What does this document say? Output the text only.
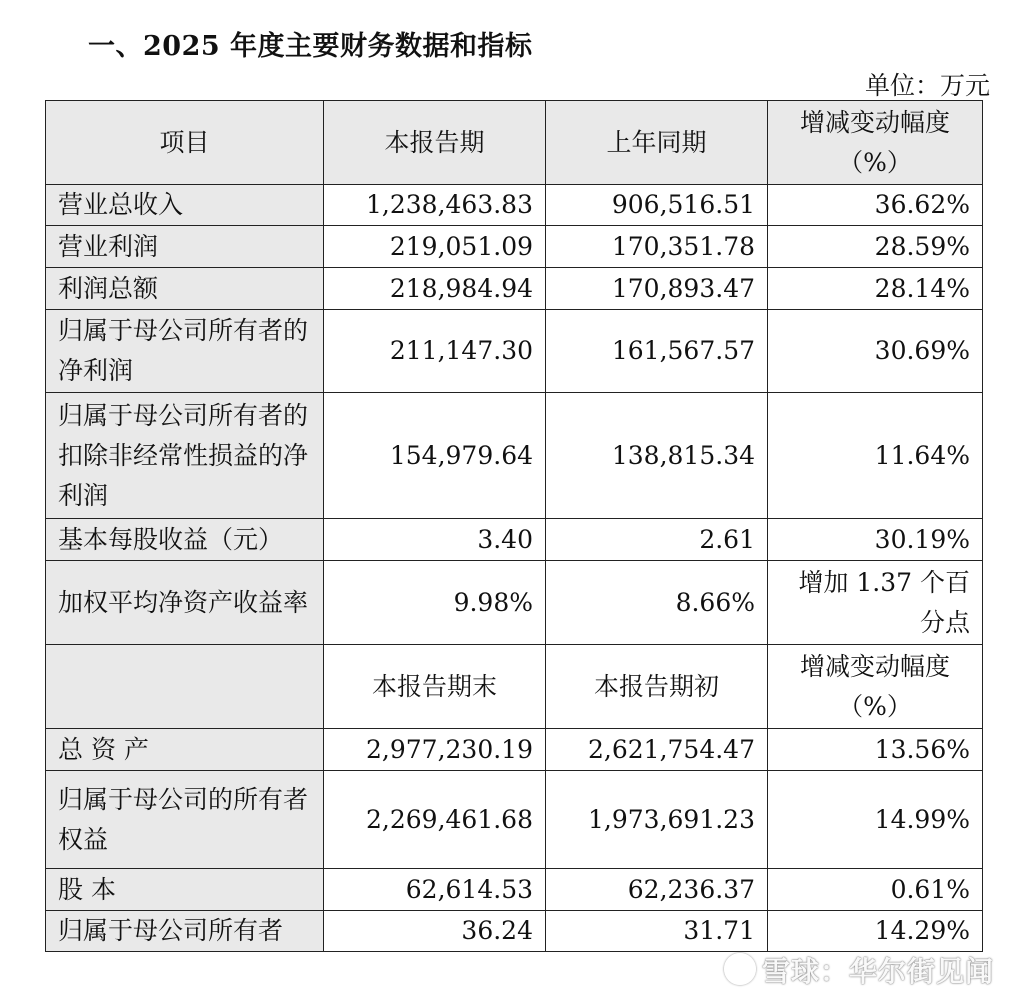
一、2025 年度主要财务数据和指标
单位：万元
项目	本报告期	上年同期	增减变动幅度
（%）

营业总收入	1,238,463.83	906,516.51	36.62%
营业利润	219,051.09	170,351.78	28.59%
利润总额	218,984.94	170,893.47	28.14%
归属于母公司所有者的净利润	211,147.30	161,567.57	30.69%
归属于母公司所有者的扣除非经常性损益的净利润	154,979.64	138,815.34	11.64%
基本每股收益（元）	3.40	2.61	30.19%
加权平均净资产收益率	9.98%	8.66%	增加 1.37 个百分点
	本报告期末	本报告期初	增减变动幅度
（%）

总 资 产	2,977,230.19	2,621,754.47	13.56%
归属于母公司的所有者权益	2,269,461.68	1,973,691.23	14.99%
股 本	62,614.53	62,236.37	0.61%
归属于母公司所有者	36.24	31.71	14.29%
雪球：华尔街见闻
